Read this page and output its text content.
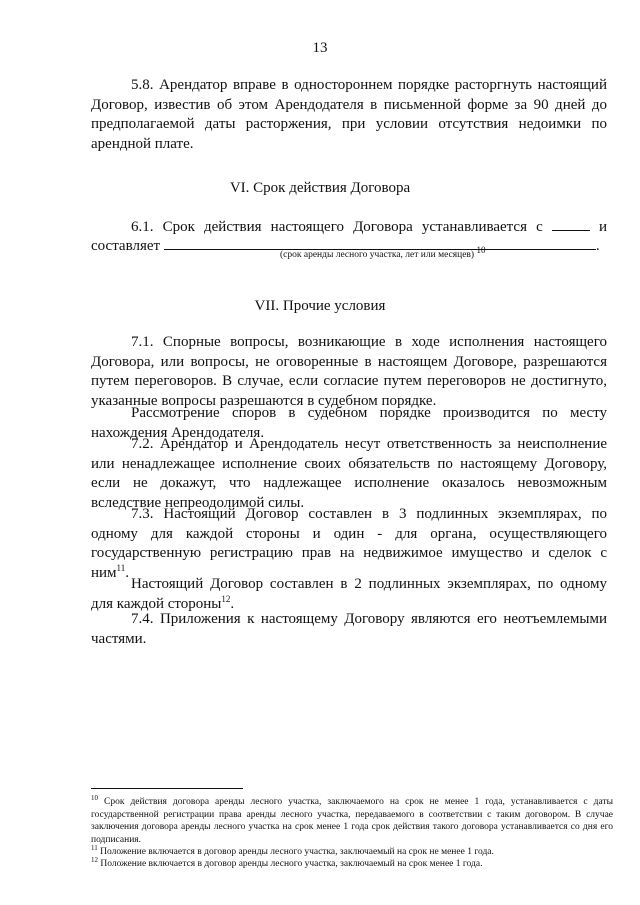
13
5.8. Арендатор вправе в одностороннем порядке расторгнуть настоящий Договор, известив об этом Арендодателя в письменной форме за 90 дней до предполагаемой даты расторжения, при условии отсутствия недоимки по арендной плате.
VI. Срок действия Договора
6.1. Срок действия настоящего Договора устанавливается с	и
составляет	.
(срок аренды лесного участка, лет или месяцев) $^{10}$
VII. Прочие условия
7.1. Спорные вопросы, возникающие в ходе исполнения настоящего Договора, или вопросы, не оговоренные в настоящем Договоре, разрешаются путем переговоров. В случае, если согласие путем переговоров не достигнуто, указанные вопросы разрешаются в судебном порядке.
Рассмотрение споров в судебном порядке производится по месту нахождения Арендодателя.
7.2. Арендатор и Арендодатель несут ответственность за неисполнение или ненадлежащее исполнение своих обязательств по настоящему Договору, если не докажут, что надлежащее исполнение оказалось невозможным вследствие непреодолимой силы.
7.3. Настоящий Договор составлен в 3 подлинных экземплярах, по одному для каждой стороны и один - для органа, осуществляющего государственную регистрацию прав на недвижимое имущество и сделок с ним$^{11}$.
Настоящий Договор составлен в 2 подлинных экземплярах, по одному для каждой стороны$^{12}$.
7.4. Приложения к настоящему Договору являются его неотъемлемыми частями.
$^{10}$ Срок действия договора аренды лесного участка, заключаемого на срок не менее 1 года, устанавливается с даты государственной регистрации права аренды лесного участка, передаваемого в соответствии с таким договором. В случае заключения договора аренды лесного участка на срок менее 1 года срок действия такого договора устанавливается со дня его подписания.
$^{11}$ Положение включается в договор аренды лесного участка, заключаемый на срок не менее 1 года.
$^{12}$ Положение включается в договор аренды лесного участка, заключаемый на срок менее 1 года.
